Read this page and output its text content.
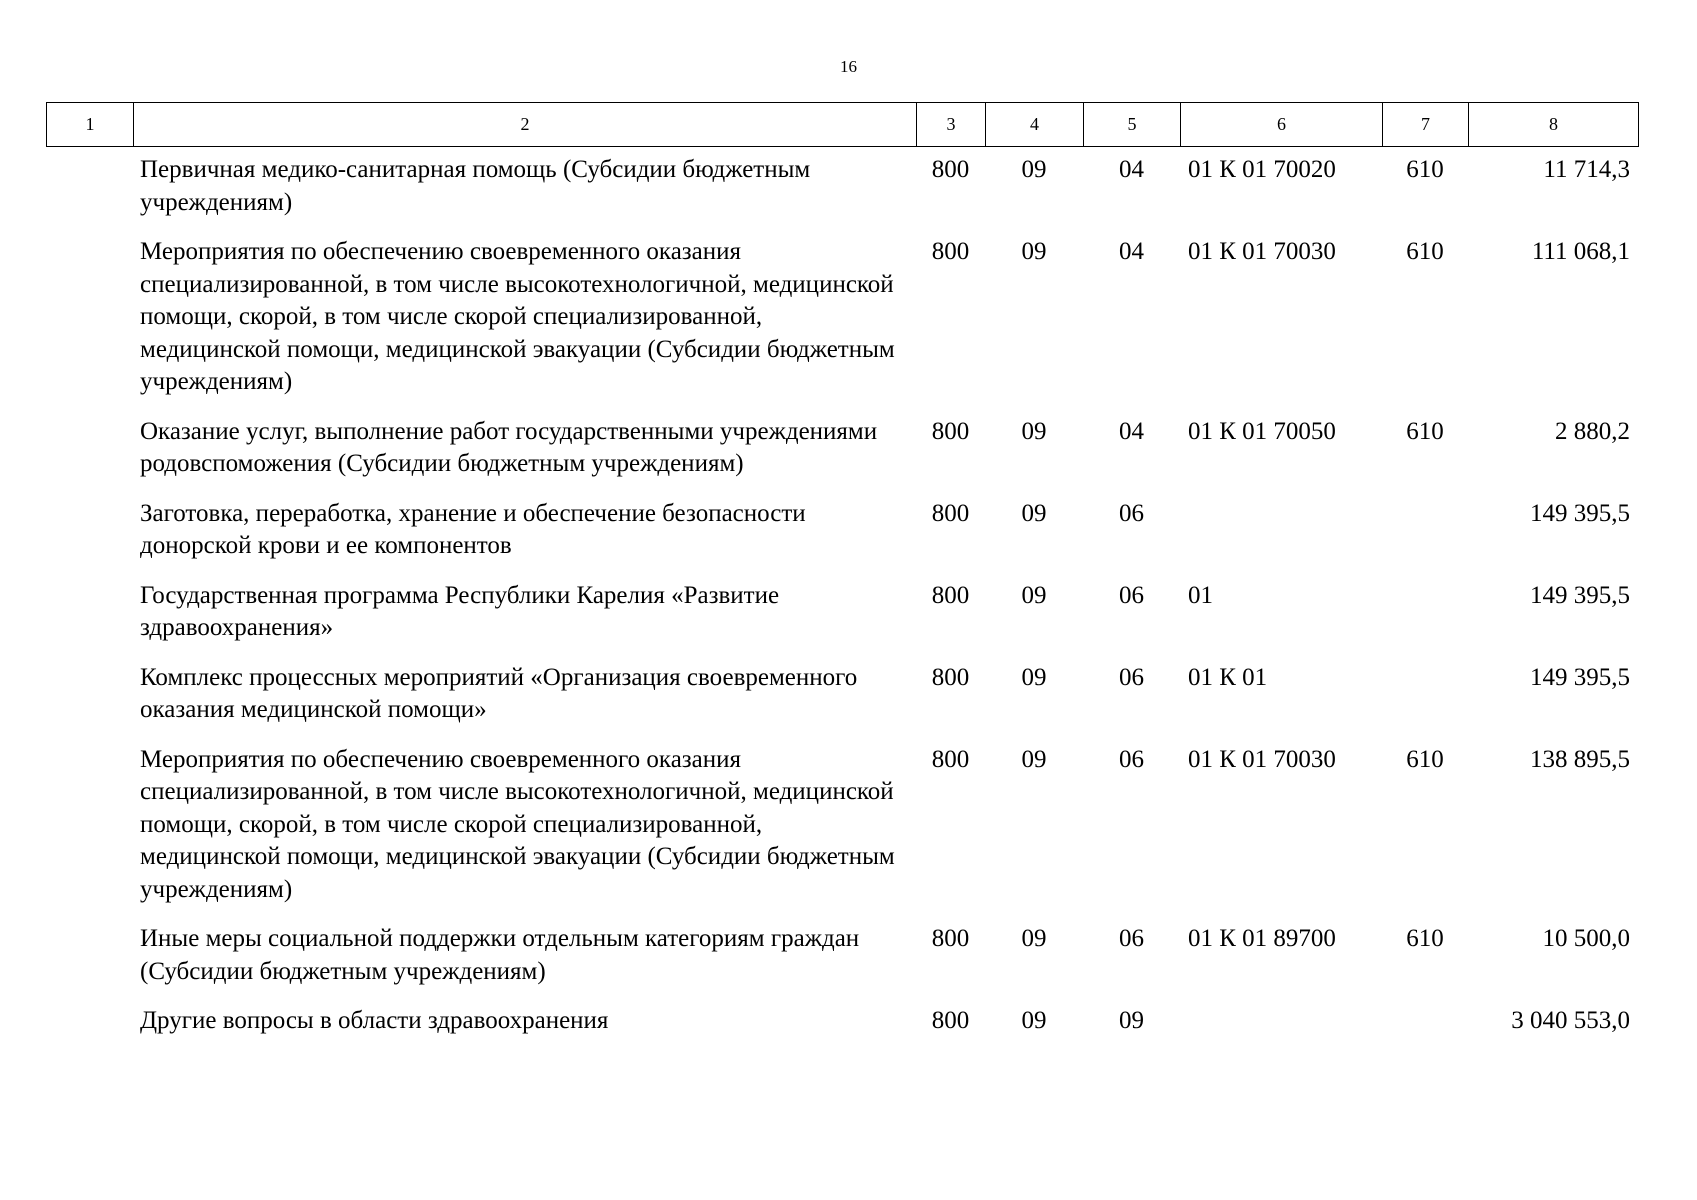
16
1	2	3	4	5	6	7	8
Первичная медико-санитарная помощь (Субсидии бюджетным учреждениям)	800	09	04	01 К 01 70020	610	11 714,3
Мероприятия по обеспечению своевременного оказания специализированной, в том числе высокотехнологичной, медицинской помощи, скорой, в том числе скорой специализированной, медицинской помощи, медицинской эвакуации (Субсидии бюджетным учреждениям)	800	09	04	01 К 01 70030	610	111 068,1
Оказание услуг, выполнение работ государственными учреждениями родовспоможения (Субсидии бюджетным учреждениям)	800	09	04	01 К 01 70050	610	2 880,2
Заготовка, переработка, хранение и обеспечение безопасности донорской крови и ее компонентов	800	09	06			149 395,5
Государственная программа Республики Карелия «Развитие здравоохранения»	800	09	06	01		149 395,5
Комплекс процессных мероприятий «Организация своевременного оказания медицинской помощи»	800	09	06	01 К 01		149 395,5
Мероприятия по обеспечению своевременного оказания специализированной, в том числе высокотехнологичной, медицинской помощи, скорой, в том числе скорой специализированной, медицинской помощи, медицинской эвакуации (Субсидии бюджетным учреждениям)	800	09	06	01 К 01 70030	610	138 895,5
Иные меры социальной поддержки отдельным категориям граждан (Субсидии бюджетным учреждениям)	800	09	06	01 К 01 89700	610	10 500,0
Другие вопросы в области здравоохранения	800	09	09			3 040 553,0
